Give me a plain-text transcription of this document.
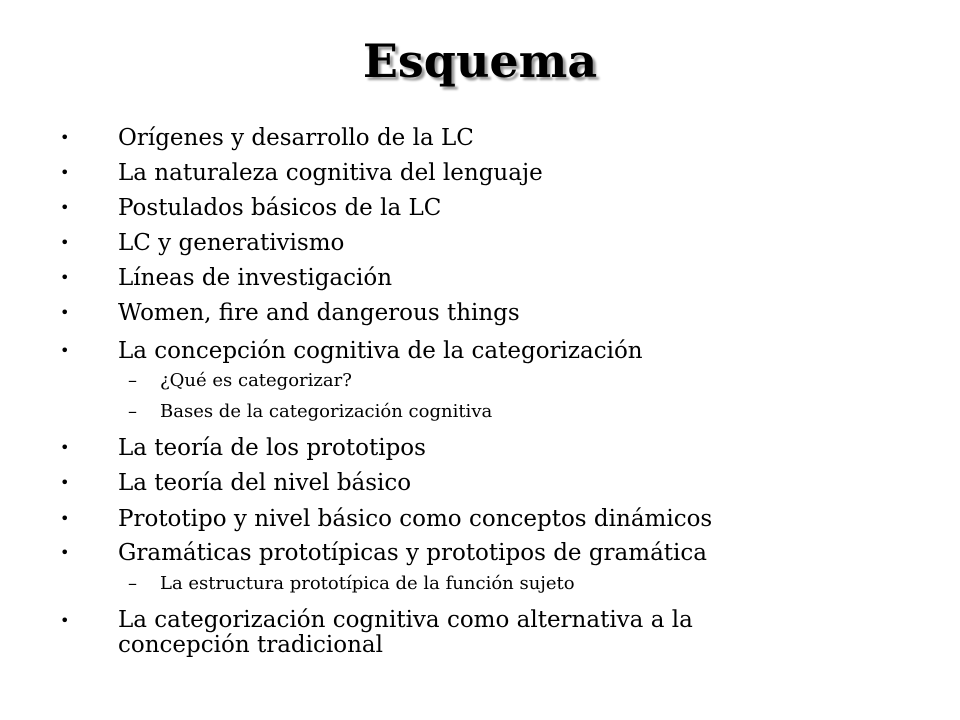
Esquema
• Orígenes y desarrollo de la LC
• La naturaleza cognitiva del lenguaje
• Postulados básicos de la LC
• LC y generativismo
• Líneas de investigación
• Women, fire and dangerous things
• La concepción cognitiva de la categorización
– ¿Qué es categorizar?
– Bases de la categorización cognitiva
• La teoría de los prototipos
• La teoría del nivel básico
• Prototipo y nivel básico como conceptos dinámicos
• Gramáticas prototípicas y prototipos de gramática
– La estructura prototípica de la función sujeto
• La categorización cognitiva como alternativa a la concepción tradicional
